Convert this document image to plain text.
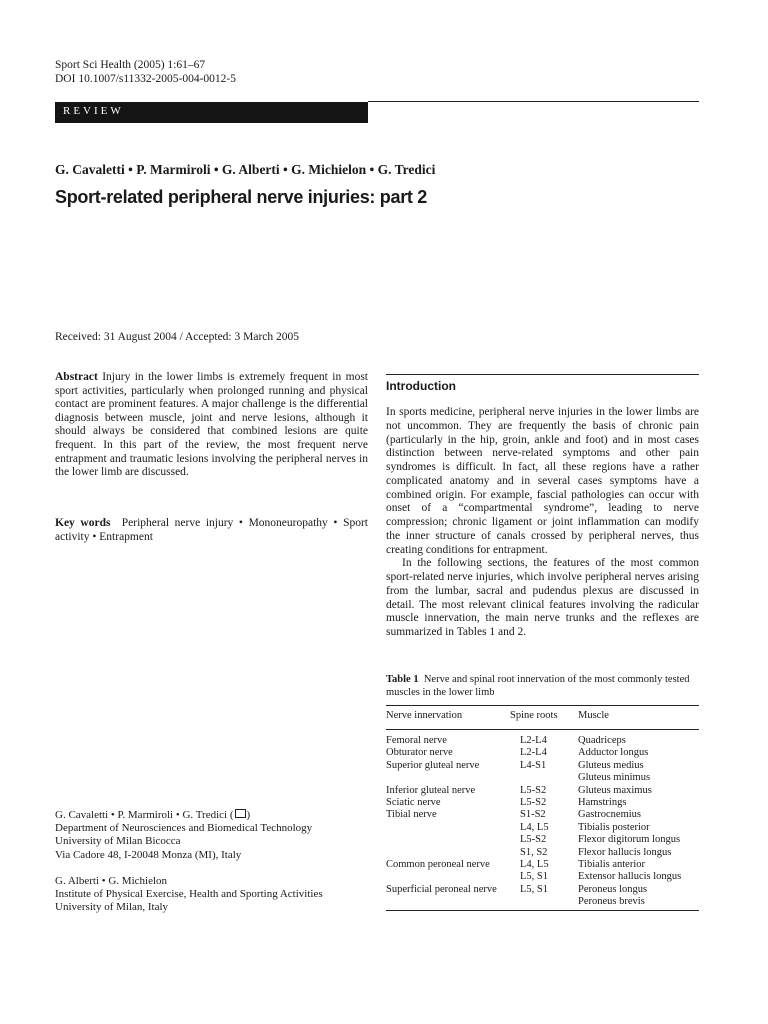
Sport Sci Health (2005) 1:61–67
DOI 10.1007/s11332-2005-004-0012-5
REVIEW
G. Cavaletti • P. Marmiroli • G. Alberti • G. Michielon • G. Tredici
Sport-related peripheral nerve injuries: part 2
Received: 31 August 2004 / Accepted: 3 March 2005
Abstract Injury in the lower limbs is extremely frequent in most sport activities, particularly when prolonged running and physical contact are prominent features. A major challenge is the differential diagnosis between muscle, joint and nerve lesions, although it should always be considered that combined lesions are quite frequent. In this part of the review, the most frequent nerve entrapment and traumatic lesions involving the peripheral nerves in the lower limb are discussed.
Key words Peripheral nerve injury • Mononeuropathy • Sport activity • Entrapment
G. Cavaletti • P. Marmiroli • G. Tredici ( )
Department of Neurosciences and Biomedical Technology
University of Milan Bicocca
Via Cadore 48, I-20048 Monza (MI), Italy
G. Alberti • G. Michielon
Institute of Physical Exercise, Health and Sporting Activities
University of Milan, Italy
Introduction

In sports medicine, peripheral nerve injuries in the lower limbs are not uncommon. They are frequently the basis of chronic pain (particularly in the hip, groin, ankle and foot) and in most cases distinction between nerve-related symptoms and other pain syndromes is difficult. In fact, all these regions have a rather complicated anatomy and in several cases symptoms have a combined origin. For example, fascial pathologies can occur with onset of a “compartmental syndrome”, leading to nerve compression; chronic ligament or joint inflammation can modify the inner structure of canals crossed by peripheral nerves, thus creating conditions for entrapment.

In the following sections, the features of the most common sport-related nerve injuries, which involve peripheral nerves arising from the lumbar, sacral and pudendus plexus are discussed in detail. The most relevant clinical features involving the radicular muscle innervation, the main nerve trunks and the reflexes are summarized in Tables 1 and 2.

Table 1 Nerve and spinal root innervation of the most commonly tested muscles in the lower limb
Nerve innervation	Spine roots Muscle
Femoral nerve	L2-L4	Quadriceps
Obturator nerve	L2-L4	Adductor longus
Superior gluteal nerve	L4-S1	Gluteus medius
Gluteus minimus
Inferior gluteal nerve	L5-S2	Gluteus maximus
Sciatic nerve	L5-S2	Hamstrings
Tibial nerve	S1-S2	Gastrocnemius
L4, L5	Tibialis posterior
L5-S2	Flexor digitorum longus
S1, S2	Flexor hallucis longus
Common peroneal nerve	L4, L5	Tibialis anterior
L5, S1	Extensor hallucis longus
Superficial peroneal nerve L5, S1	Peroneus longus
Peroneus brevis
